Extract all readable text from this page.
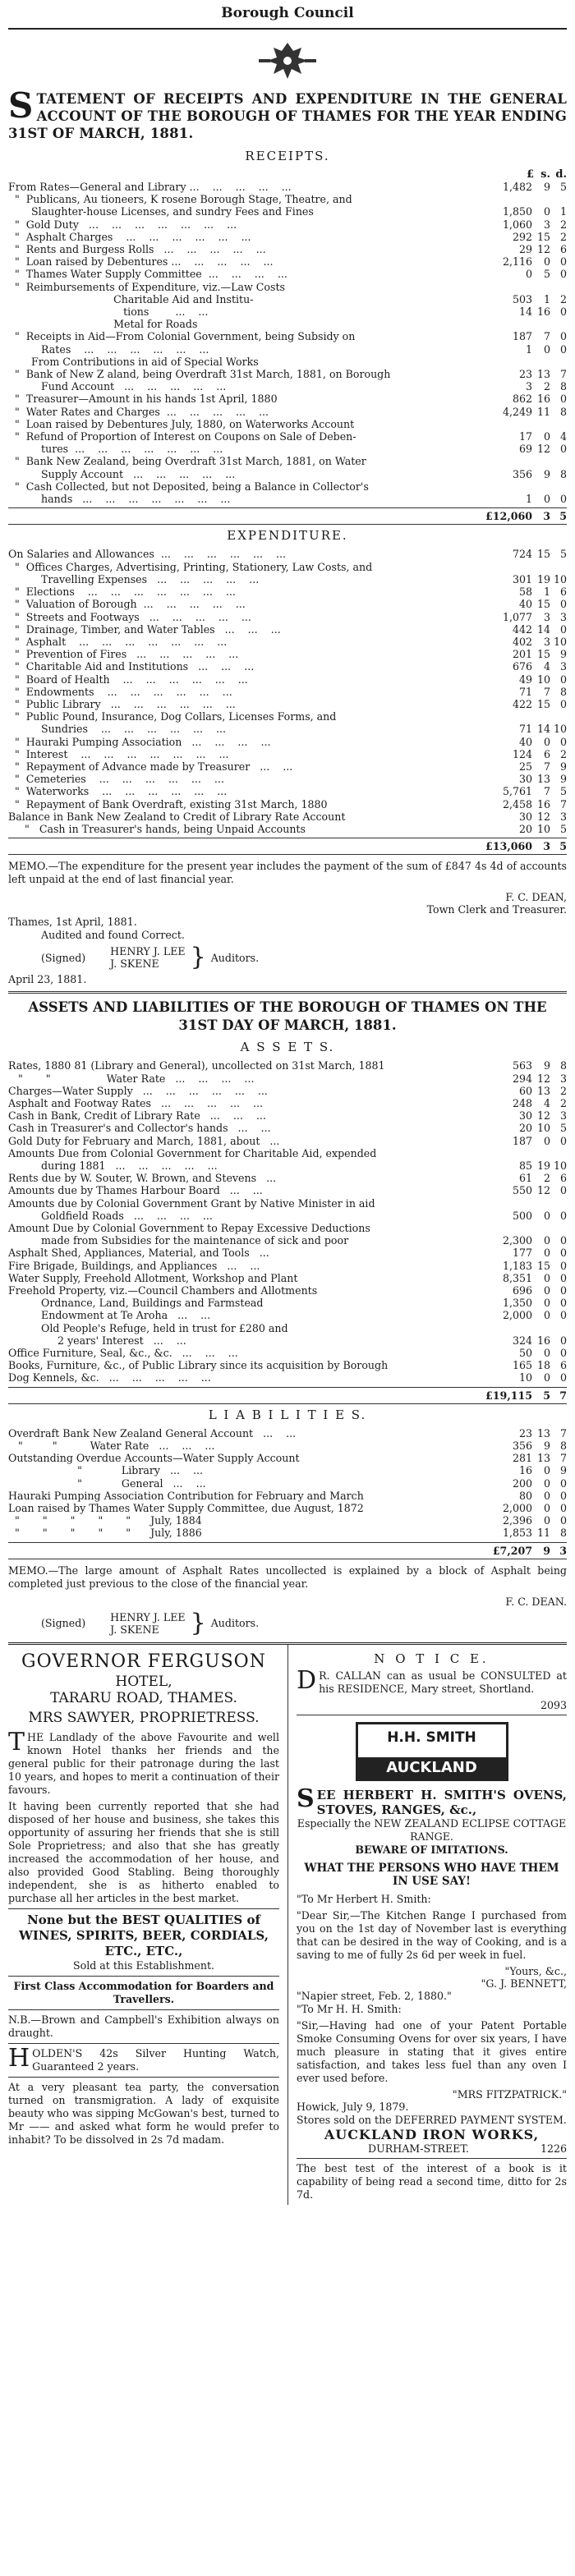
Borough Council
STATEMENT OF RECEIPTS AND EXPENDITURE IN THE GENERAL ACCOUNT OF THE BOROUGH OF THAMES FOR THE YEAR ENDING 31ST OF MARCH, 1881.
RECEIPTS.
£ s. d.
From Rates—General and Library ...    ...    ...    ...    ...	1,482	9 5
"  Publicans, Au tioneers, K rosene Borough Stage, Theatre, and
Slaughter-house Licenses, and sundry Fees and Fines	1,850	0 1
"  Gold Duty   ...    ...    ...    ...    ...    ...    ...	1,060	3 2
"  Asphalt Charges    ...    ...    ...    ...    ...    ...	292 15 2
"  Rents and Burgess Rolls   ...    ...    ...    ...    ...	29 12 6
"  Loan raised by Debentures ...    ...    ...    ...    ...	2,116	0 0
"  Thames Water Supply Committee  ...    ...    ...    ...	0	5 0
"  Reimbursements of Expenditure, viz.—Law Costs
Charitable Aid and Institu-	503	1 2
tions        ...    ...	14 16 0
Metal for Roads
"  Receipts in Aid—From Colonial Government, being Subsidy on	187	7 0
Rates    ...    ...    ...    ...    ...    ...	1	0 0
From Contributions in aid of Special Works
"  Bank of New Z aland, being Overdraft 31st March, 1881, on Borough	23 13 7
Fund Account   ...    ...    ...    ...    ...	3	2 8
"  Treasurer—Amount in his hands 1st April, 1880	862 16 0
"  Water Rates and Charges  ...    ...    ...    ...    ...	4,249 11 8
"  Loan raised by Debentures July, 1880, on Waterworks Account
"  Refund of Proportion of Interest on Coupons on Sale of Deben-	17	0 4
tures  ...    ...    ...    ...    ...    ...    ...	69 12 0
"  Bank New Zealand, being Overdraft 31st March, 1881, on Water
Supply Account   ...    ...    ...    ...    ...	356	9 8
"  Cash Collected, but not Deposited, being a Balance in Collector's
hands   ...    ...    ...    ...    ...    ...    ...	1	0 0
£12,060	3 5
EXPENDITURE.
On Salaries and Allowances  ...    ...    ...    ...    ...    ...	724 15 5
"  Offices Charges, Advertising, Printing, Stationery, Law Costs, and
Travelling Expenses   ...    ...    ...    ...    ...	301 19 10
"  Elections    ...    ...    ...    ...    ...    ...    ...	58	1 6
"  Valuation of Borough  ...    ...    ...    ...    ...	40 15 0
"  Streets and Footways   ...    ...    ...    ...    ...	1,077	3 3
"  Drainage, Timber, and Water Tables   ...    ...    ...	442 14 0
"  Asphalt    ...    ...    ...    ...    ...    ...    ...	402	3 10
"  Prevention of Fires   ...    ...    ...    ...    ...	201 15 9
"  Charitable Aid and Institutions   ...    ...    ...	676	4 3
"  Board of Health    ...    ...    ...    ...    ...    ...	49 10 0
"  Endowments    ...    ...    ...    ...    ...    ...	71	7 8
"  Public Library   ...    ...    ...    ...    ...    ...	422 15 0
"  Public Pound, Insurance, Dog Collars, Licenses Forms, and
Sundries    ...    ...    ...    ...    ...    ...	71 14 10
"  Hauraki Pumping Association   ...    ...    ...    ...	40	0 0
"  Interest    ...    ...    ...    ...    ...    ...    ...	124	6 2
"  Repayment of Advance made by Treasurer   ...    ...	25	7 9
"  Cemeteries    ...    ...    ...    ...    ...    ...	30 13 9
"  Waterworks    ...    ...    ...    ...    ...    ...	5,761	7 5
"  Repayment of Bank Overdraft, existing 31st March, 1880	2,458 16 7
Balance in Bank New Zealand to Credit of Library Rate Account	30 12 3
"   Cash in Treasurer's hands, being Unpaid Accounts	20 10 5
£13,060	3 5
MEMO.—The expenditure for the present year includes the payment of the sum of £847 4s 4d of accounts left unpaid at the end of last financial year.
F. C. DEAN,
Town Clerk and Treasurer.
Thames, 1st April, 1881.
Audited and found Correct.
(Signed) HENRY J. LEE
J. SKENE	} Auditors.
April 23, 1881.
ASSETS AND LIABILITIES OF THE BOROUGH OF THAMES ON THE 31ST DAY OF MARCH, 1881.
A S S E T S.
Rates, 1880 81 (Library and General), uncollected on 31st March, 1881	563	9 8
"       "                 Water Rate   ...    ...    ...    ...	294 12 3
Charges—Water Supply   ...    ...    ...    ...    ...    ...	60 13 2
Asphalt and Footway Rates   ...    ...    ...    ...    ...	248	4 2
Cash in Bank, Credit of Library Rate   ...    ...    ...	30 12 3
Cash in Treasurer's and Collector's hands   ...    ...	20 10 5
Gold Duty for February and March, 1881, about   ...	187	0 0
Amounts Due from Colonial Government for Charitable Aid, expended
during 1881   ...    ...    ...    ...    ...	85 19 10
Rents due by W. Souter, W. Brown, and Stevens   ...	61	2 6
Amounts due by Thames Harbour Board   ...    ...	550 12 0
Amounts due by Colonial Government Grant by Native Minister in aid
Goldfield Roads   ...    ...    ...    ...	500	0 0
Amount Due by Colonial Government to Repay Excessive Deductions
made from Subsidies for the maintenance of sick and poor	2,300	0 0
Asphalt Shed, Appliances, Material, and Tools   ...	177	0 0
Fire Brigade, Buildings, and Appliances   ...    ...	1,183 15 0
Water Supply, Freehold Allotment, Workshop and Plant	8,351	0 0
Freehold Property, viz.—Council Chambers and Allotments	696	0 0
Ordnance, Land, Buildings and Farmstead	1,350	0 0
Endowment at Te Aroha   ...    ...	2,000	0 0
Old People's Refuge, held in trust for £280 and
2 years' Interest   ...    ...	324 16 0
Office Furniture, Seal, &c., &c.   ...    ...    ...	50	0 0
Books, Furniture, &c., of Public Library since its acquisition by Borough	165 18 6
Dog Kennels, &c.   ...    ...    ...    ...    ...	10	0 0
£19,115	5 7
L I A B I L I T I E S.
Overdraft Bank New Zealand General Account   ...    ...	23 13 7
"         "          Water Rate   ...    ...    ...	356	9 8
Outstanding Overdue Accounts—Water Supply Account	281 13 7
"            Library   ...    ...	16	0 9
"            General   ...    ...	200	0 0
Hauraki Pumping Association Contribution for February and March	80	0 0
Loan raised by Thames Water Supply Committee, due August, 1872	2,000	0 0
"       "       "       "       "      July, 1884	2,396	0 0
"       "       "       "       "      July, 1886	1,853 11 8
£7,207	9 3
MEMO.—The large amount of Asphalt Rates uncollected is explained by a block of Asphalt being completed just previous to the close of the financial year.
F. C. DEAN.
(Signed) HENRY J. LEE
J. SKENE	} Auditors.
GOVERNOR FERGUSON
HOTEL,
TARARU ROAD, THAMES.
MRS SAWYER, PROPRIETRESS.
THE Landlady of the above Favourite and well known Hotel thanks her friends and the general public for their patronage during the last 10 years, and hopes to merit a continuation of their favours.
It having been currently reported that she had disposed of her house and business, she takes this opportunity of assuring her friends that she is still Sole Proprietress; and also that she has greatly increased the accommodation of her house, and also provided Good Stabling. Being thoroughly independent, she is as hitherto enabled to purchase all her articles in the best market.
None but the BEST QUALITIES of WINES, SPIRITS, BEER, CORDIALS, ETC., ETC.,
Sold at this Establishment.
First Class Accommodation for Boarders and Travellers.
N.B.—Brown and Campbell's Exhibition always on draught.
HOLDEN'S 42s Silver Hunting Watch, Guaranteed 2 years.
At a very pleasant tea party, the conversation turned on transmigration. A lady of exquisite beauty who was sipping McGowan's best, turned to Mr —— and asked what form he would prefer to inhabit? To be dissolved in 2s 7d madam.
N O T I C E.
D R. CALLAN can as usual be CONSULTED at his RESIDENCE, Mary street, Shortland.
2093
H.H. SMITH
AUCKLAND
SEE HERBERT H. SMITH'S OVENS, STOVES, RANGES, &c.,
Especially the NEW ZEALAND ECLIPSE COTTAGE RANGE.
BEWARE OF IMITATIONS.
WHAT THE PERSONS WHO HAVE THEM IN USE SAY!
"To Mr Herbert H. Smith:
"Dear Sir,—The Kitchen Range I purchased from you on the 1st day of November last is everything that can be desired in the way of Cooking, and is a saving to me of fully 2s 6d per week in fuel.
"Yours, &c.,
"G. J. BENNETT,
"Napier street, Feb. 2, 1880."
"To Mr H. H. Smith:
"Sir,—Having had one of your Patent Portable Smoke Consuming Ovens for over six years, I have much pleasure in stating that it gives entire satisfaction, and takes less fuel than any oven I ever used before.
"MRS FITZPATRICK."
Howick, July 9, 1879.
Stores sold on the DEFERRED PAYMENT SYSTEM.
AUCKLAND IRON WORKS,
DURHAM-STREET.	1226
The best test of the interest of a book is it capability of being read a second time, ditto for 2s 7d.
